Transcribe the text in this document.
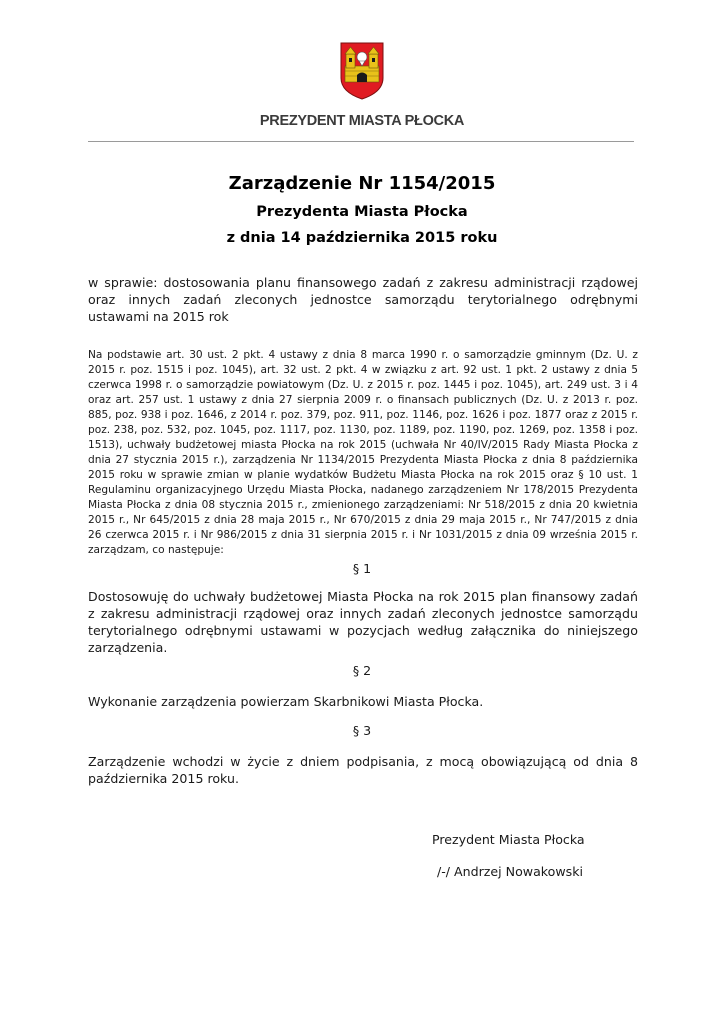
PREZYDENT MIASTA PŁOCKA
Zarządzenie Nr 1154/2015
Prezydenta Miasta Płocka
z dnia 14 października 2015 roku
w sprawie: dostosowania planu finansowego zadań z zakresu administracji rządowej oraz innych zadań zleconych jednostce samorządu terytorialnego odrębnymi ustawami na 2015 rok
Na podstawie art. 30 ust. 2 pkt. 4 ustawy z dnia 8 marca 1990 r. o samorządzie gminnym (Dz. U. z 2015 r. poz. 1515 i poz. 1045), art. 32 ust. 2 pkt. 4 w związku z art. 92 ust. 1 pkt. 2 ustawy z dnia 5 czerwca 1998 r. o samorządzie powiatowym (Dz. U. z 2015 r. poz. 1445 i poz. 1045), art. 249 ust. 3 i 4 oraz art. 257 ust. 1 ustawy z dnia 27 sierpnia 2009 r. o finansach publicznych (Dz. U. z 2013 r. poz. 885, poz. 938 i poz. 1646, z 2014 r. poz. 379, poz. 911, poz. 1146, poz. 1626 i poz. 1877 oraz z 2015 r. poz. 238, poz. 532, poz. 1045, poz. 1117, poz. 1130, poz. 1189, poz. 1190, poz. 1269, poz. 1358 i poz. 1513), uchwały budżetowej miasta Płocka na rok 2015 (uchwała Nr 40/IV/2015 Rady Miasta Płocka z dnia 27 stycznia 2015 r.), zarządzenia Nr 1134/2015 Prezydenta Miasta Płocka z dnia 8 października 2015 roku w sprawie zmian w planie wydatków Budżetu Miasta Płocka na rok 2015 oraz § 10 ust. 1 Regulaminu organizacyjnego Urzędu Miasta Płocka, nadanego zarządzeniem Nr 178/2015 Prezydenta Miasta Płocka z dnia 08 stycznia 2015 r., zmienionego zarządzeniami: Nr 518/2015 z dnia 20 kwietnia 2015 r., Nr 645/2015 z dnia 28 maja 2015 r., Nr 670/2015 z dnia 29 maja 2015 r., Nr 747/2015 z dnia 26 czerwca 2015 r. i Nr 986/2015 z dnia 31 sierpnia 2015 r. i Nr 1031/2015 z dnia 09 września 2015 r. zarządzam, co następuje:
§ 1
Dostosowuję do uchwały budżetowej Miasta Płocka na rok 2015 plan finansowy zadań z zakresu administracji rządowej oraz innych zadań zleconych jednostce samorządu terytorialnego odrębnymi ustawami w pozycjach według załącznika do niniejszego zarządzenia.
§ 2
Wykonanie zarządzenia powierzam Skarbnikowi Miasta Płocka.
§ 3
Zarządzenie wchodzi w życie z dniem podpisania, z mocą obowiązującą od dnia 8 października 2015 roku.
Prezydent Miasta Płocka
/-/ Andrzej Nowakowski
